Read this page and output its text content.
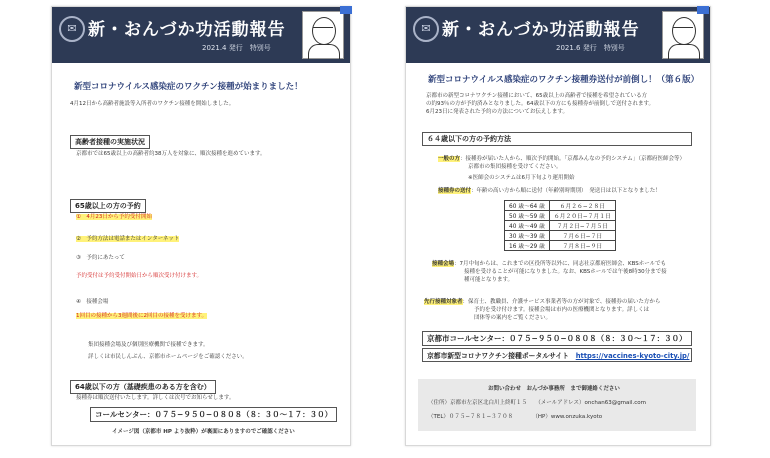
✉ 新・おんづか功活動報告
2021.4 発行　特別号
新型コロナウイルス感染症のワクチン接種が始まりました！
4月12日から高齢者施設等入所者のワクチン接種を開始しました。
高齢者接種の実施状況
京都市では65歳以上の高齢者約38万人を対象に、順次接種を進めています。
65歳以上の方の予約
①　4月23日から予約受付開始
②　予約方法は電話またはインターネット
③　予約にあたって
予約受付は予約受付開始日から順次受け付けます。
④　接種会場
1回目の接種から3週間後に2回目の接種を受けます。
集団接種会場及び個別医療機関で接種できます。
詳しくは市民しんぶん、京都市ホームページをご確認ください。
64歳以下の方（基礎疾患のある方を含む）
接種券は順次送付いたします。詳しくは次号でお知らせします。
コールセンター：０７５−９５０−０８０８（８：３０〜１７：３０）
イメージ図（京都市 HP より抜粋）が裏面にありますのでご確認ください
✉ 新・おんづか功活動報告
2021.6 発行　特別号
新型コロナウイルス感染症のワクチン接種券送付が前倒し！（第６版）
京都市の新型コロナワクチン接種において、65歳以上の高齢者で接種を希望されている方
の約93％の方が予約済みとなりました。64歳以下の方にも接種券が前倒しで送付されます。
6月23日に発表された予約の方法についてお伝えします。
６４歳以下の方の予約方法
一般の方：接種券が届いた人から、順次予約開始。「京都みんなの予約システム」（京都府医師会等）
京都市の集団接種を受けてください。
※医師会のシステムは6月下旬より運用開始
接種券の送付：年齢の高い方から順に送付（年齢別時期別）　発送日は以下となりました！
60 歳〜64 歳	６月２６−２８日
50 歳〜59 歳	６月２０日−７月１日
40 歳〜49 歳	７月２日−７月５日
30 歳〜39 歳	７月６日−７日
16 歳〜29 歳	７月８日−９日
接種会場：7月中旬からは、これまでの区役所等以外に、同志社京都府医師会、KBSホールでも
接種を受けることが可能になりました。なお、KBSホールでは午後8時30分まで接
種可能となります。
先行接種対象者：保育士、教職員、介護サービス事業者等の方が対象で、接種券の届いた方から
予約を受け付けます。接種会場は市内の医療機関となります。詳しくは
団体等の案内をご覧ください。
京都市コールセンター：０７５−９５０−０８０８（８：３０〜１７：３０）
京都市新型コロナワクチン接種ポータルサイト　 https://vaccines-kyoto-city.jp/
お問い合わせ　おんづか事務所　まで御連絡ください
（住所）京都市左京区北白川上終町１５　　（メールアドレス）onchan63@gmail.com
（TEL）０７５−７８１−３７０８　　　　（HP）www.onzuka.kyoto
